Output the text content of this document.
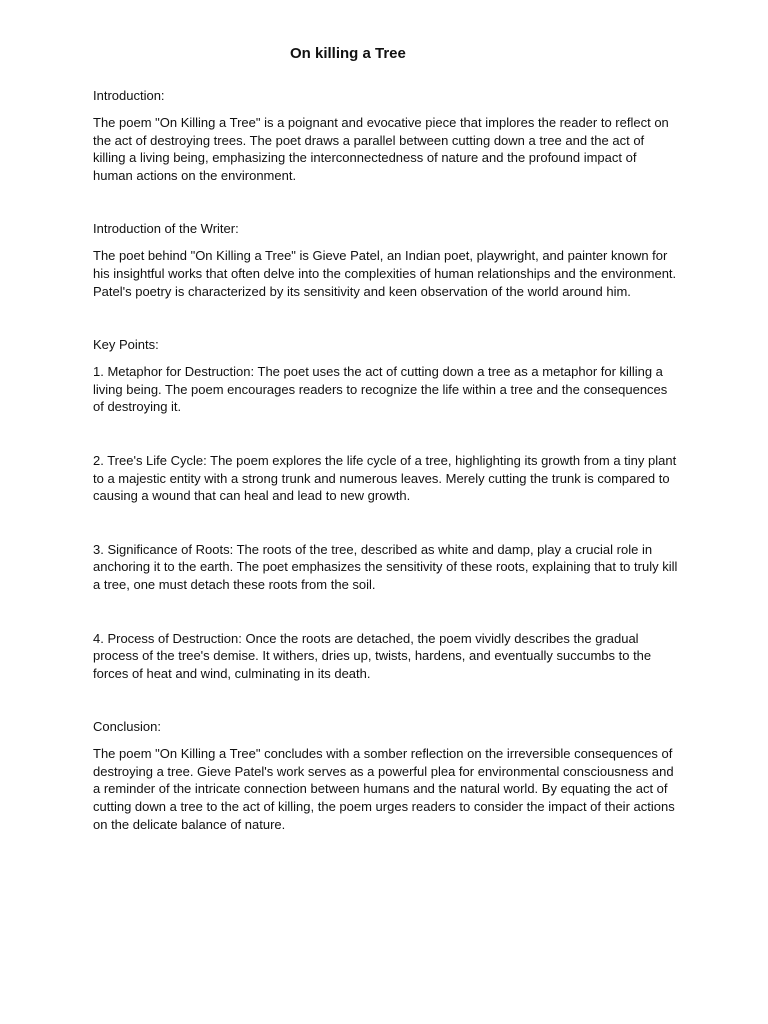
On killing a Tree

Introduction:

The poem "On Killing a Tree" is a poignant and evocative piece that implores the reader to reflect on the act of destroying trees. The poet draws a parallel between cutting down a tree and the act of killing a living being, emphasizing the interconnectedness of nature and the profound impact of human actions on the environment.

Introduction of the Writer:

The poet behind "On Killing a Tree" is Gieve Patel, an Indian poet, playwright, and painter known for his insightful works that often delve into the complexities of human relationships and the environment. Patel's poetry is characterized by its sensitivity and keen observation of the world around him.

Key Points:

1. Metaphor for Destruction: The poet uses the act of cutting down a tree as a metaphor for killing a living being. The poem encourages readers to recognize the life within a tree and the consequences of destroying it.

2. Tree's Life Cycle: The poem explores the life cycle of a tree, highlighting its growth from a tiny plant to a majestic entity with a strong trunk and numerous leaves. Merely cutting the trunk is compared to causing a wound that can heal and lead to new growth.

3. Significance of Roots: The roots of the tree, described as white and damp, play a crucial role in anchoring it to the earth. The poet emphasizes the sensitivity of these roots, explaining that to truly kill a tree, one must detach these roots from the soil.

4. Process of Destruction: Once the roots are detached, the poem vividly describes the gradual process of the tree's demise. It withers, dries up, twists, hardens, and eventually succumbs to the forces of heat and wind, culminating in its death.

Conclusion:

The poem "On Killing a Tree" concludes with a somber reflection on the irreversible consequences of destroying a tree. Gieve Patel's work serves as a powerful plea for environmental consciousness and a reminder of the intricate connection between humans and the natural world. By equating the act of cutting down a tree to the act of killing, the poem urges readers to consider the impact of their actions on the delicate balance of nature.
